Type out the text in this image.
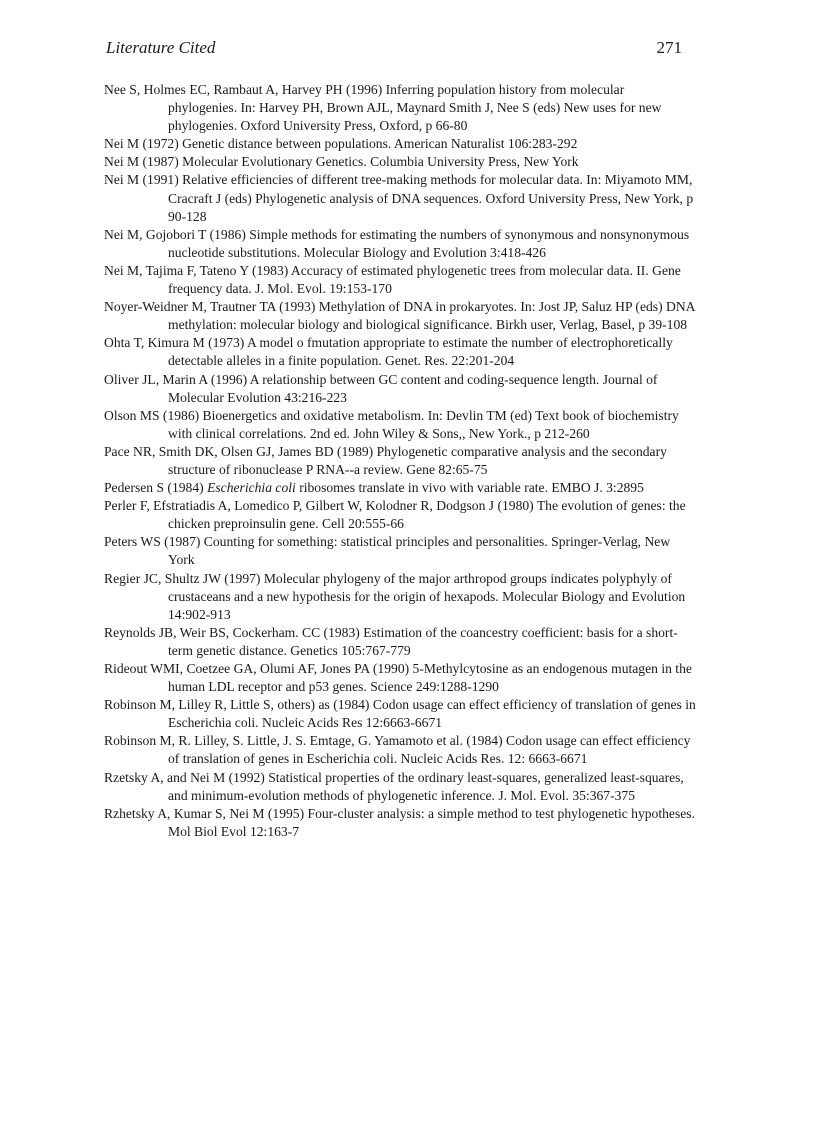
Literature Cited	271

Nee S, Holmes EC, Rambaut A, Harvey PH (1996) Inferring population history from molecular phylogenies. In: Harvey PH, Brown AJL, Maynard Smith J, Nee S (eds) New uses for new phylogenies. Oxford University Press, Oxford, p 66-80

Nei M (1972) Genetic distance between populations. American Naturalist 106:283-292

Nei M (1987) Molecular Evolutionary Genetics. Columbia University Press, New York

Nei M (1991) Relative efficiencies of different tree-making methods for molecular data. In: Miyamoto MM, Cracraft J (eds) Phylogenetic analysis of DNA sequences. Oxford University Press, New York, p 90-128

Nei M, Gojobori T (1986) Simple methods for estimating the numbers of synonymous and nonsynonymous nucleotide substitutions. Molecular Biology and Evolution 3:418-426

Nei M, Tajima F, Tateno Y (1983) Accuracy of estimated phylogenetic trees from molecular data. II. Gene frequency data. J. Mol. Evol. 19:153-170

Noyer-Weidner M, Trautner TA (1993) Methylation of DNA in prokaryotes. In: Jost JP, Saluz HP (eds) DNA methylation: molecular biology and biological significance. Birkh user, Verlag, Basel, p 39-108

Ohta T, Kimura M (1973) A model o fmutation appropriate to estimate the number of electrophoretically detectable alleles in a finite population. Genet. Res. 22:201-204

Oliver JL, Marin A (1996) A relationship between GC content and coding-sequence length. Journal of Molecular Evolution 43:216-223

Olson MS (1986) Bioenergetics and oxidative metabolism. In: Devlin TM (ed) Text book of biochemistry with clinical correlations. 2nd ed. John Wiley & Sons,, New York., p 212-260

Pace NR, Smith DK, Olsen GJ, James BD (1989) Phylogenetic comparative analysis and the secondary structure of ribonuclease P RNA--a review. Gene 82:65-75

Pedersen S (1984) Escherichia coli ribosomes translate in vivo with variable rate. EMBO J. 3:2895

Perler F, Efstratiadis A, Lomedico P, Gilbert W, Kolodner R, Dodgson J (1980) The evolution of genes: the chicken preproinsulin gene. Cell 20:555-66

Peters WS (1987) Counting for something: statistical principles and personalities. Springer-Verlag, New York

Regier JC, Shultz JW (1997) Molecular phylogeny of the major arthropod groups indicates polyphyly of crustaceans and a new hypothesis for the origin of hexapods. Molecular Biology and Evolution 14:902-913

Reynolds JB, Weir BS, Cockerham. CC (1983) Estimation of the coancestry coefficient: basis for a short-term genetic distance. Genetics 105:767-779

Rideout WMI, Coetzee GA, Olumi AF, Jones PA (1990) 5-Methylcytosine as an endogenous mutagen in the human LDL receptor and p53 genes. Science 249:1288-1290

Robinson M, Lilley R, Little S, others) as (1984) Codon usage can effect efficiency of translation of genes in Escherichia coli. Nucleic Acids Res 12:6663-6671

Robinson M, R. Lilley, S. Little, J. S. Emtage, G. Yamamoto et al. (1984) Codon usage can effect efficiency of translation of genes in Escherichia coli. Nucleic Acids Res. 12: 6663-6671

Rzetsky A, and Nei M (1992) Statistical properties of the ordinary least-squares, generalized least-squares, and minimum-evolution methods of phylogenetic inference. J. Mol. Evol. 35:367-375

Rzhetsky A, Kumar S, Nei M (1995) Four-cluster analysis: a simple method to test phylogenetic hypotheses. Mol Biol Evol 12:163-7
